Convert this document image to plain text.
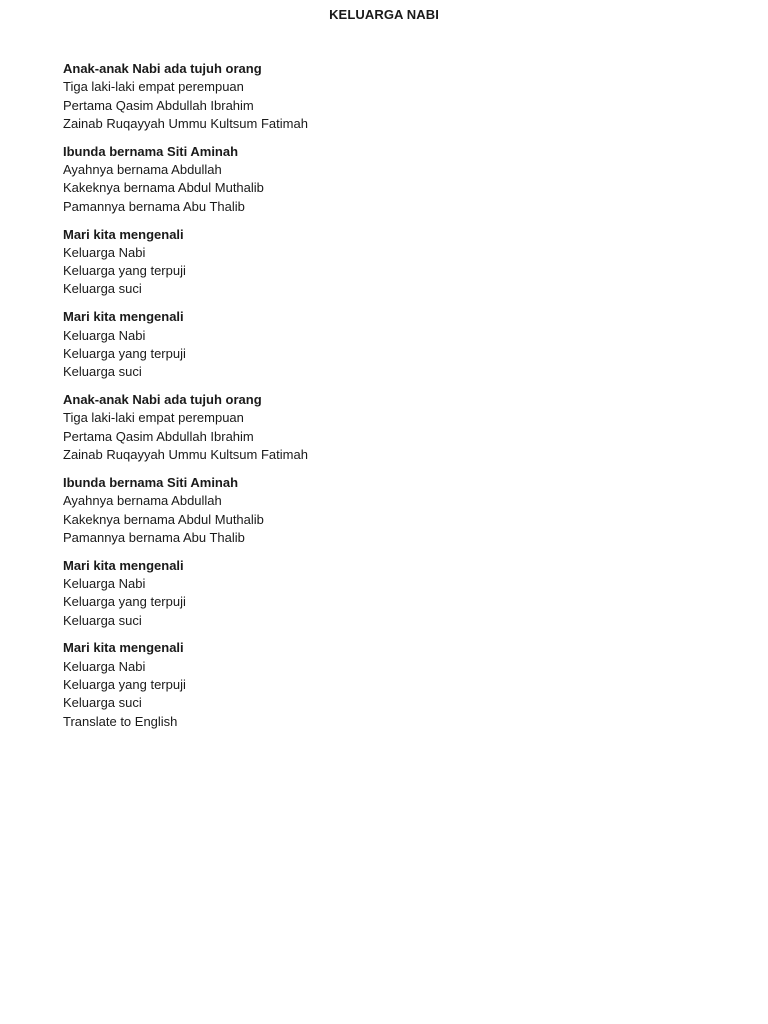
KELUARGA NABI
Anak-anak Nabi ada tujuh orang
Tiga laki-laki empat perempuan
Pertama Qasim Abdullah Ibrahim
Zainab Ruqayyah Ummu Kultsum Fatimah
Ibunda bernama Siti Aminah
Ayahnya bernama Abdullah
Kakeknya bernama Abdul Muthalib
Pamannya bernama Abu Thalib
Mari kita mengenali
Keluarga Nabi
Keluarga yang terpuji
Keluarga suci
Mari kita mengenali
Keluarga Nabi
Keluarga yang terpuji
Keluarga suci
Anak-anak Nabi ada tujuh orang
Tiga laki-laki empat perempuan
Pertama Qasim Abdullah Ibrahim
Zainab Ruqayyah Ummu Kultsum Fatimah
Ibunda bernama Siti Aminah
Ayahnya bernama Abdullah
Kakeknya bernama Abdul Muthalib
Pamannya bernama Abu Thalib
Mari kita mengenali
Keluarga Nabi
Keluarga yang terpuji
Keluarga suci
Mari kita mengenali
Keluarga Nabi
Keluarga yang terpuji
Keluarga suci
Translate to English
